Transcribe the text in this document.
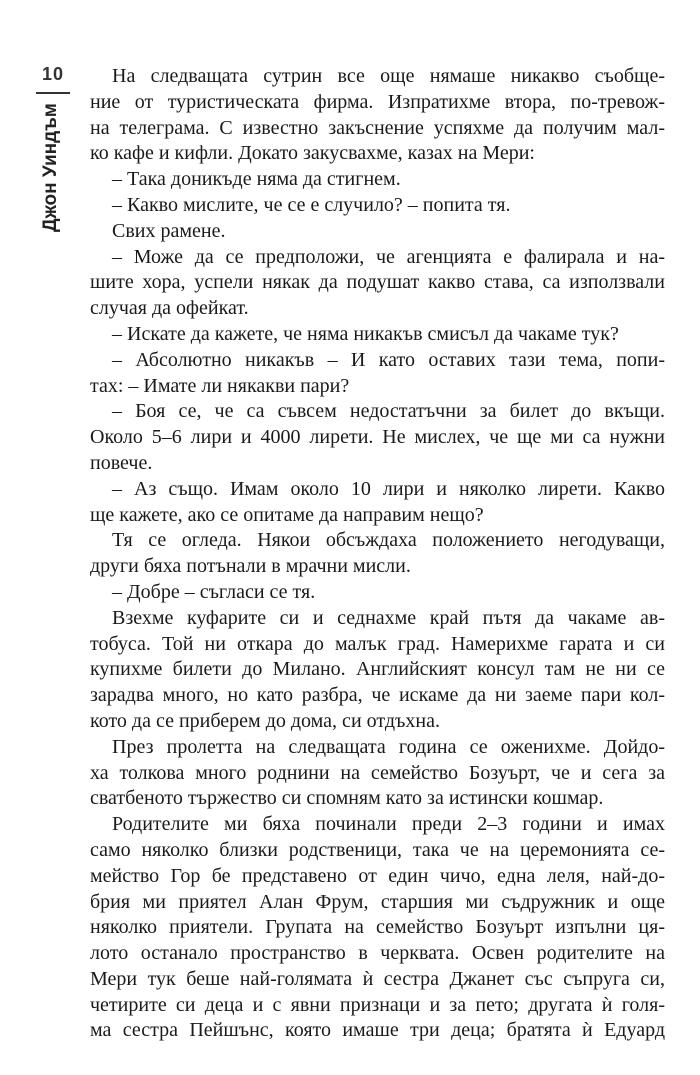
10
Джон Уиндъм
На следващата сутрин все още нямаше никакво съобще-
ние от туристическата фирма. Изпратихме втора, по-тревож-
на телеграма. С известно закъснение успяхме да получим мал-
ко кафе и кифли. Докато закусвахме, казах на Мери:
– Така доникъде няма да стигнем.
– Какво мислите, че се е случило? – попита тя.
Свих рамене.
– Може да се предположи, че агенцията е фалирала и на-
шите хора, успели някак да подушат какво става, са използвали
случая да офейкат.
– Искате да кажете, че няма никакъв смисъл да чакаме тук?
– Абсолютно никакъв – И като оставих тази тема, попи-
тах: – Имате ли някакви пари?
– Боя се, че са съвсем недостатъчни за билет до вкъщи.
Около 5–6 лири и 4000 лирети. Не мислех, че ще ми са нужни
повече.
– Аз също. Имам около 10 лири и няколко лирети. Какво
ще кажете, ако се опитаме да направим нещо?
Тя се огледа. Някои обсъждаха положението негодуващи,
други бяха потънали в мрачни мисли.
– Добре – съгласи се тя.
Взехме куфарите си и седнахме край пътя да чакаме ав-
тобуса. Той ни откара до малък град. Намерихме гарата и си
купихме билети до Милано. Английският консул там не ни се
зарадва много, но като разбра, че искаме да ни заеме пари кол-
кото да се приберем до дома, си отдъхна.
През пролетта на следващата година се оженихме. Дойдо-
ха толкова много роднини на семейство Бозуърт, че и сега за
сватбеното тържество си спомням като за истински кошмар.
Родителите ми бяха починали преди 2–3 години и имах
само няколко близки родственици, така че на церемонията се-
мейство Гор бе представено от един чичо, една леля, най-до-
брия ми приятел Алан Фрум, старшия ми съдружник и още
няколко приятели. Групата на семейство Бозуърт изпълни ця-
лото останало пространство в черквата. Освен родителите на
Мери тук беше най-голямата ѝ сестра Джанет със съпруга си,
четирите си деца и с явни признаци и за пето; другата ѝ голя-
ма сестра Пейшънс, която имаше три деца; братята ѝ Едуард
